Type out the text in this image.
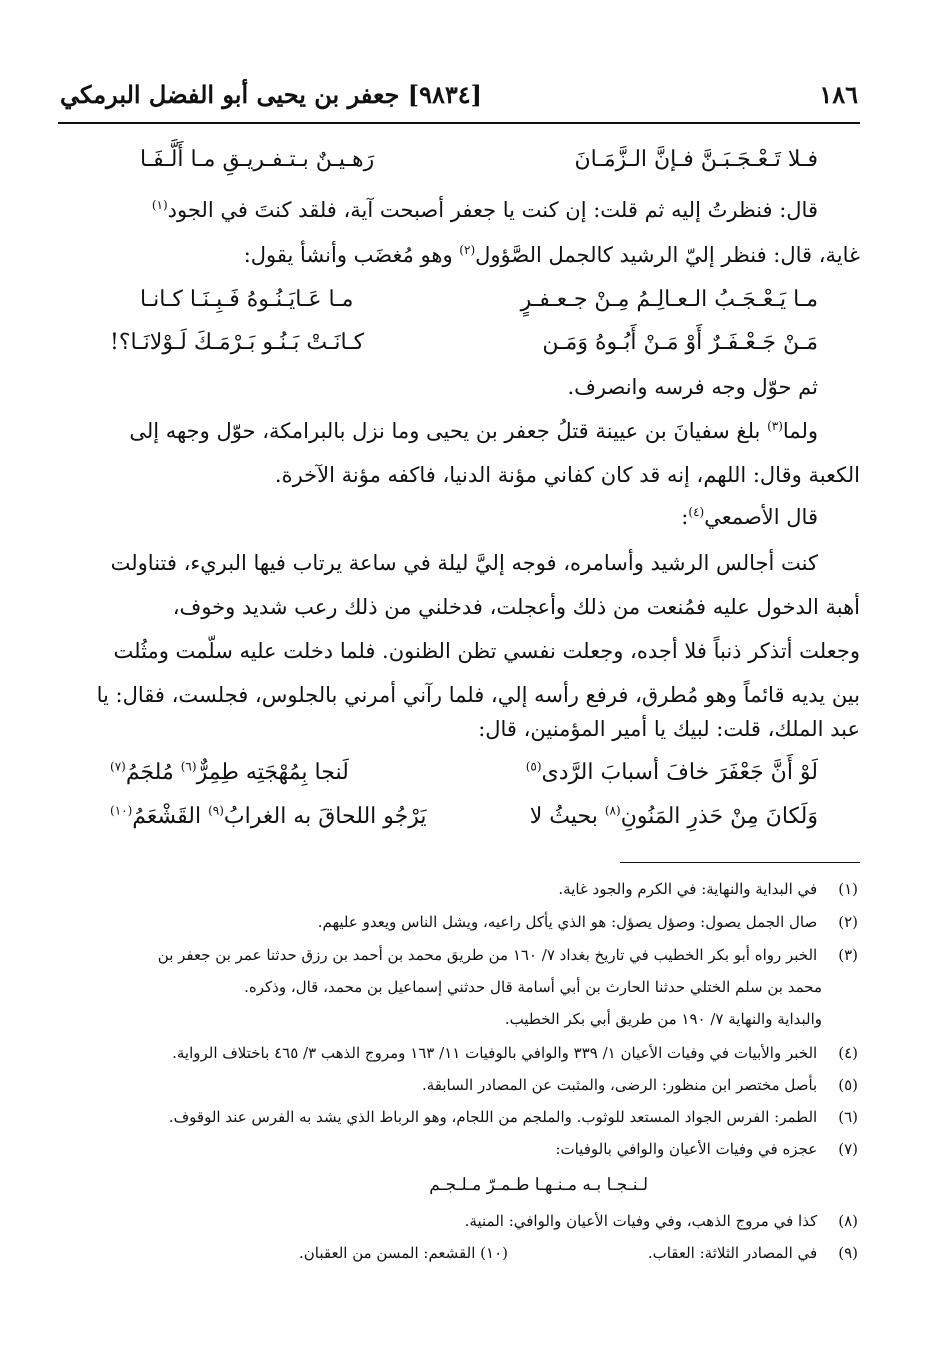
١٨٦
[٩٨٣٤] جعفر بن يحيى أبو الفضل البرمكي
فـلا تَـعْـجَـبَـنَّ فـإنَّ الـزَّمَـانَ
رَهـيـنٌ بـتـفـريـقِ مـا أَلَّـفَـا
قال: فنظرتُ إليه ثم قلت: إن كنت يا جعفر أصبحت آية، فلقد كنتَ في الجود$^{(١)}$
غاية، قال: فنظر إليّ الرشيد كالجمل الصَّؤول$^{(٢)}$ وهو مُغضَب وأنشأ يقول:
مـا يَـعْـجَـبُ الـعـالِـمُ مِـنْ جـعـفـرٍ
مـا عَـايَـنُـوهُ فَـبِـنَـا كـانـا
مَـنْ جَـعْـفَـرٌ أَوْ مَـنْ أَبُـوهُ وَمَـن
كـانَـتْ بَـنُـو بَـرْمَـكَ لَـوْلانَـا؟!
ثم حوّل وجه فرسه وانصرف.
ولما$^{(٣)}$ بلغ سفيانَ بن عيينة قتلُ جعفر بن يحيى وما نزل بالبرامكة، حوّل وجهه إلى
الكعبة وقال: اللهم، إنه قد كان كفاني مؤنة الدنيا، فاكفه مؤنة الآخرة.
قال الأصمعي$^{(٤)}$:
كنت أجالس الرشيد وأسامره، فوجه إليَّ ليلة في ساعة يرتاب فيها البريء، فتناولت
أهبة الدخول عليه فمُنعت من ذلك وأعجلت، فدخلني من ذلك رعب شديد وخوف،
وجعلت أتذكر ذنباً فلا أجده، وجعلت نفسي تظن الظنون. فلما دخلت عليه سلّمت ومثُلت
بين يديه قائماً وهو مُطرق، فرفع رأسه إلي، فلما رآني أمرني بالجلوس، فجلست، فقال: يا
عبد الملك، قلت: لبيك يا أمير المؤمنين، قال:
لَوْ أَنَّ جَعْفَرَ خافَ أسبابَ الرَّدى$^{(٥)}$
لَنجا بِمُهْجَتِه طِمِرٌّ$^{(٦)}$ مُلجَمُ$^{(٧)}$
وَلَكانَ مِنْ حَذرِ المَنُونِ$^{(٨)}$ بحيثُ لا
يَرْجُو اللحاقَ به الغرابُ$^{(٩)}$ القَشْعَمُ$^{(١٠)}$
(١) في البداية والنهاية: في الكرم والجود غاية.
(٢) صال الجمل يصول: وصؤل يصؤل: هو الذي يأكل راعيه، ويشل الناس ويعدو عليهم.
(٣) الخبر رواه أبو بكر الخطيب في تاريخ بغداد ٧/ ١٦٠ من طريق محمد بن أحمد بن رزق حدثنا عمر بن جعفر بن
محمد بن سلم الختلي حدثنا الحارث بن أبي أسامة قال حدثني إسماعيل بن محمد، قال، وذكره.
والبداية والنهاية ٧/ ١٩٠ من طريق أبي بكر الخطيب.
(٤) الخبر والأبيات في وفيات الأعيان ١/ ٣٣٩ والوافي بالوفيات ١١/ ١٦٣ ومروج الذهب ٣/ ٤٦٥ باختلاف الرواية.
(٥) بأصل مختصر ابن منظور: الرضى، والمثبت عن المصادر السابقة.
(٦) الطمر: الفرس الجواد المستعد للوثوب. والملجم من اللجام، وهو الرباط الذي يشد به الفرس عند الوقوف.
(٧) عجزه في وفيات الأعيان والوافي بالوفيات:
لـنـجـا بـه مـنـهـا طـمـرّ مـلـجـم
(٨) كذا في مروج الذهب، وفي وفيات الأعيان والوافي: المنية.
(٩) في المصادر الثلاثة: العقاب.
(١٠) القشعم: المسن من العقبان.
